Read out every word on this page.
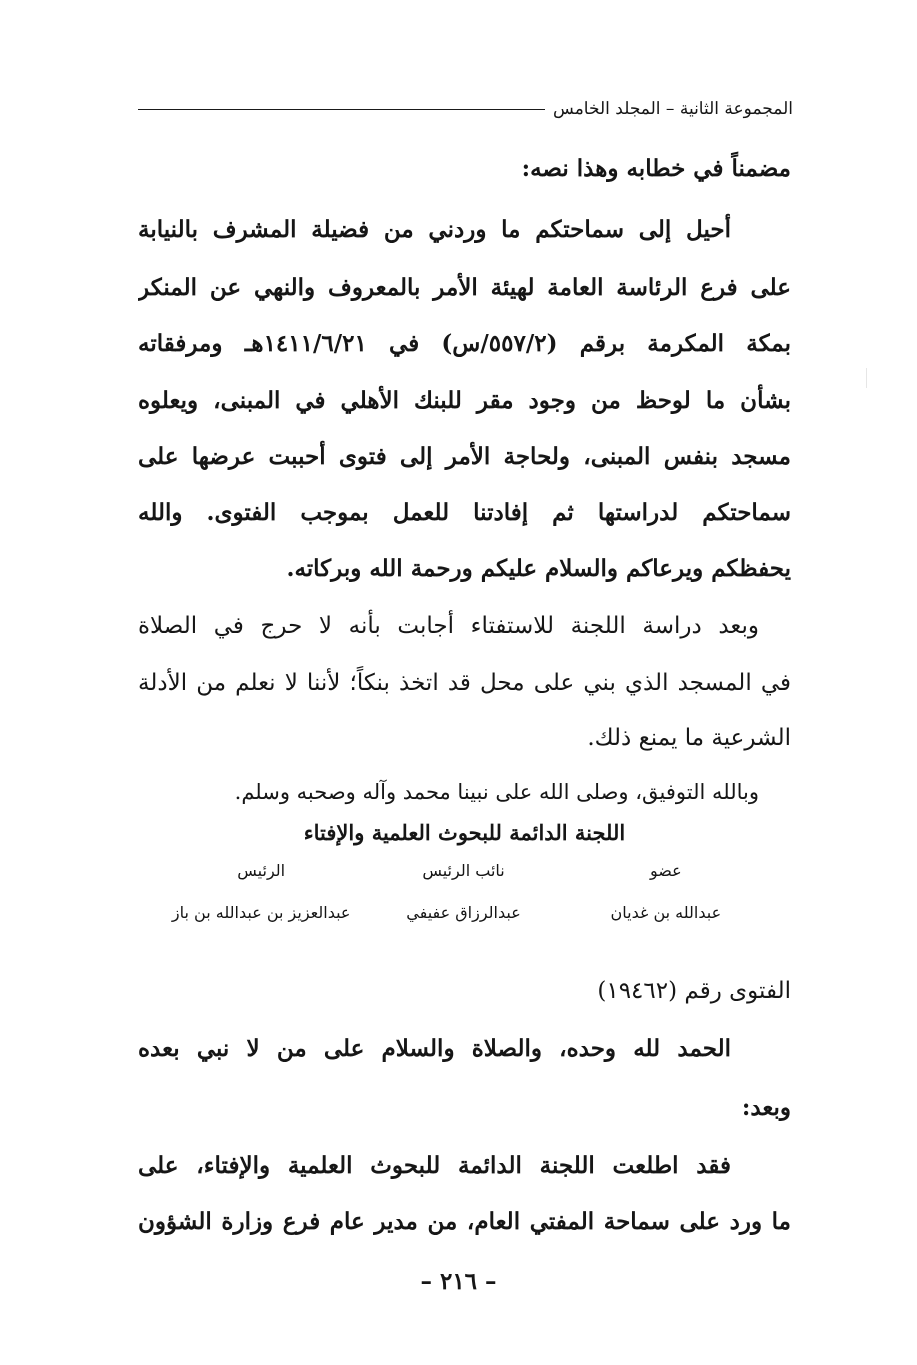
المجموعة الثانية – المجلد الخامس
مضمناً في خطابه وهذا نصه:
أحيل إلى سماحتكم ما وردني من فضيلة المشرف بالنيابة
على فرع الرئاسة العامة لهيئة الأمر بالمعروف والنهي عن المنكر
بمكة المكرمة برقم (٥٥٧/٢/س) في ١٤١١/٦/٢١هـ ومرفقاته
بشأن ما لوحظ من وجود مقر للبنك الأهلي في المبنى، ويعلوه
مسجد بنفس المبنى، ولحاجة الأمر إلى فتوى أحببت عرضها على
سماحتكم لدراستها ثم إفادتنا للعمل بموجب الفتوى. والله
يحفظكم ويرعاكم والسلام عليكم ورحمة الله وبركاته.
وبعد دراسة اللجنة للاستفتاء أجابت بأنه لا حرج في الصلاة
في المسجد الذي بني على محل قد اتخذ بنكاً؛ لأننا لا نعلم من الأدلة
الشرعية ما يمنع ذلك.
وبالله التوفيق، وصلى الله على نبينا محمد وآله وصحبه وسلم.
اللجنة الدائمة للبحوث العلمية والإفتاء
عضو
عبدالله بن غديان
نائب الرئيس
عبدالرزاق عفيفي
الرئيس
عبدالعزيز بن عبدالله بن باز
الفتوى رقم (١٩٤٦٢)
الحمد لله وحده، والصلاة والسلام على من لا نبي بعده
وبعد:
فقد اطلعت اللجنة الدائمة للبحوث العلمية والإفتاء، على
ما ورد على سماحة المفتي العام، من مدير عام فرع وزارة الشؤون
– ٢١٦ –
